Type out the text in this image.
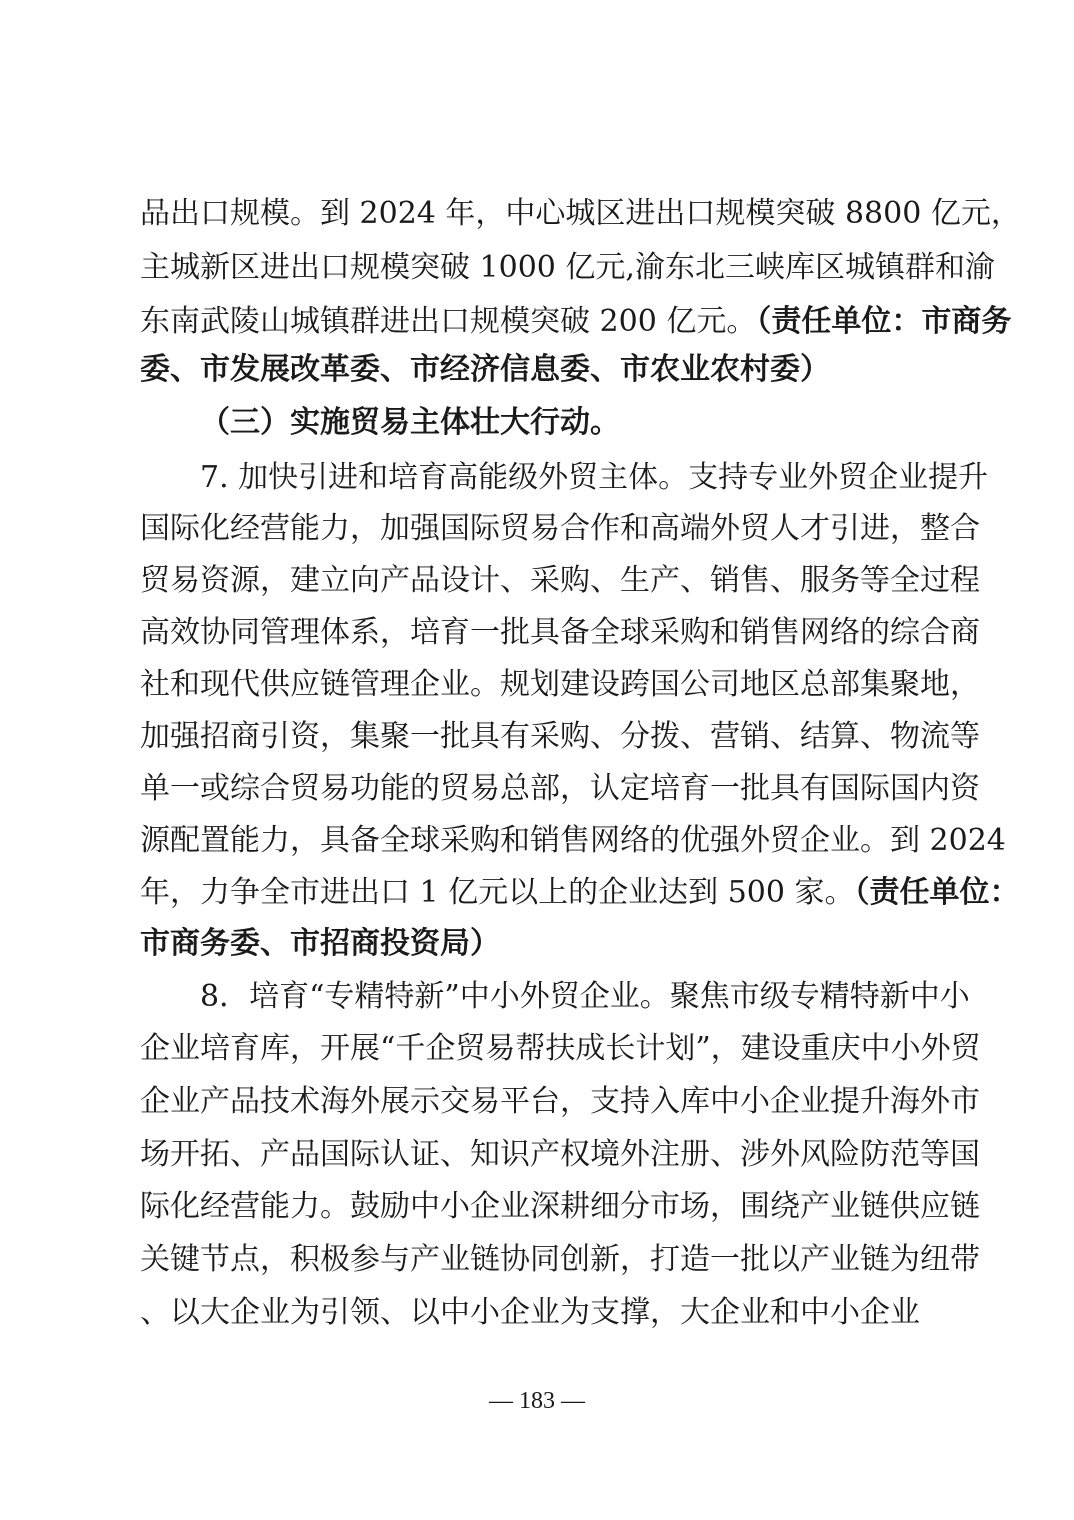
品出口规模。到 2024 年，中心城区进出口规模突破 8800 亿元，
主城新区进出口规模突破 1000 亿元,渝东北三峡库区城镇群和渝
东南武陵山城镇群进出口规模突破 200 亿元。（责任单位：市商务
委、市发展改革委、市经济信息委、市农业农村委）
（三）实施贸易主体壮大行动。
7. 加快引进和培育高能级外贸主体。支持专业外贸企业提升
国际化经营能力，加强国际贸易合作和高端外贸人才引进，整合
贸易资源，建立向产品设计、采购、生产、销售、服务等全过程
高效协同管理体系，培育一批具备全球采购和销售网络的综合商
社和现代供应链管理企业。规划建设跨国公司地区总部集聚地，
加强招商引资，集聚一批具有采购、分拨、营销、结算、物流等
单一或综合贸易功能的贸易总部，认定培育一批具有国际国内资
源配置能力，具备全球采购和销售网络的优强外贸企业。到 2024
年，力争全市进出口 1 亿元以上的企业达到 500 家。（责任单位：
市商务委、市招商投资局）
8．培育“专精特新”中小外贸企业。聚焦市级专精特新中小
企业培育库，开展“千企贸易帮扶成长计划”，建设重庆中小外贸
企业产品技术海外展示交易平台，支持入库中小企业提升海外市
场开拓、产品国际认证、知识产权境外注册、涉外风险防范等国
际化经营能力。鼓励中小企业深耕细分市场，围绕产业链供应链
关键节点，积极参与产业链协同创新，打造一批以产业链为纽带
、以大企业为引领、以中小企业为支撑，大企业和中小企业
— 183 —
